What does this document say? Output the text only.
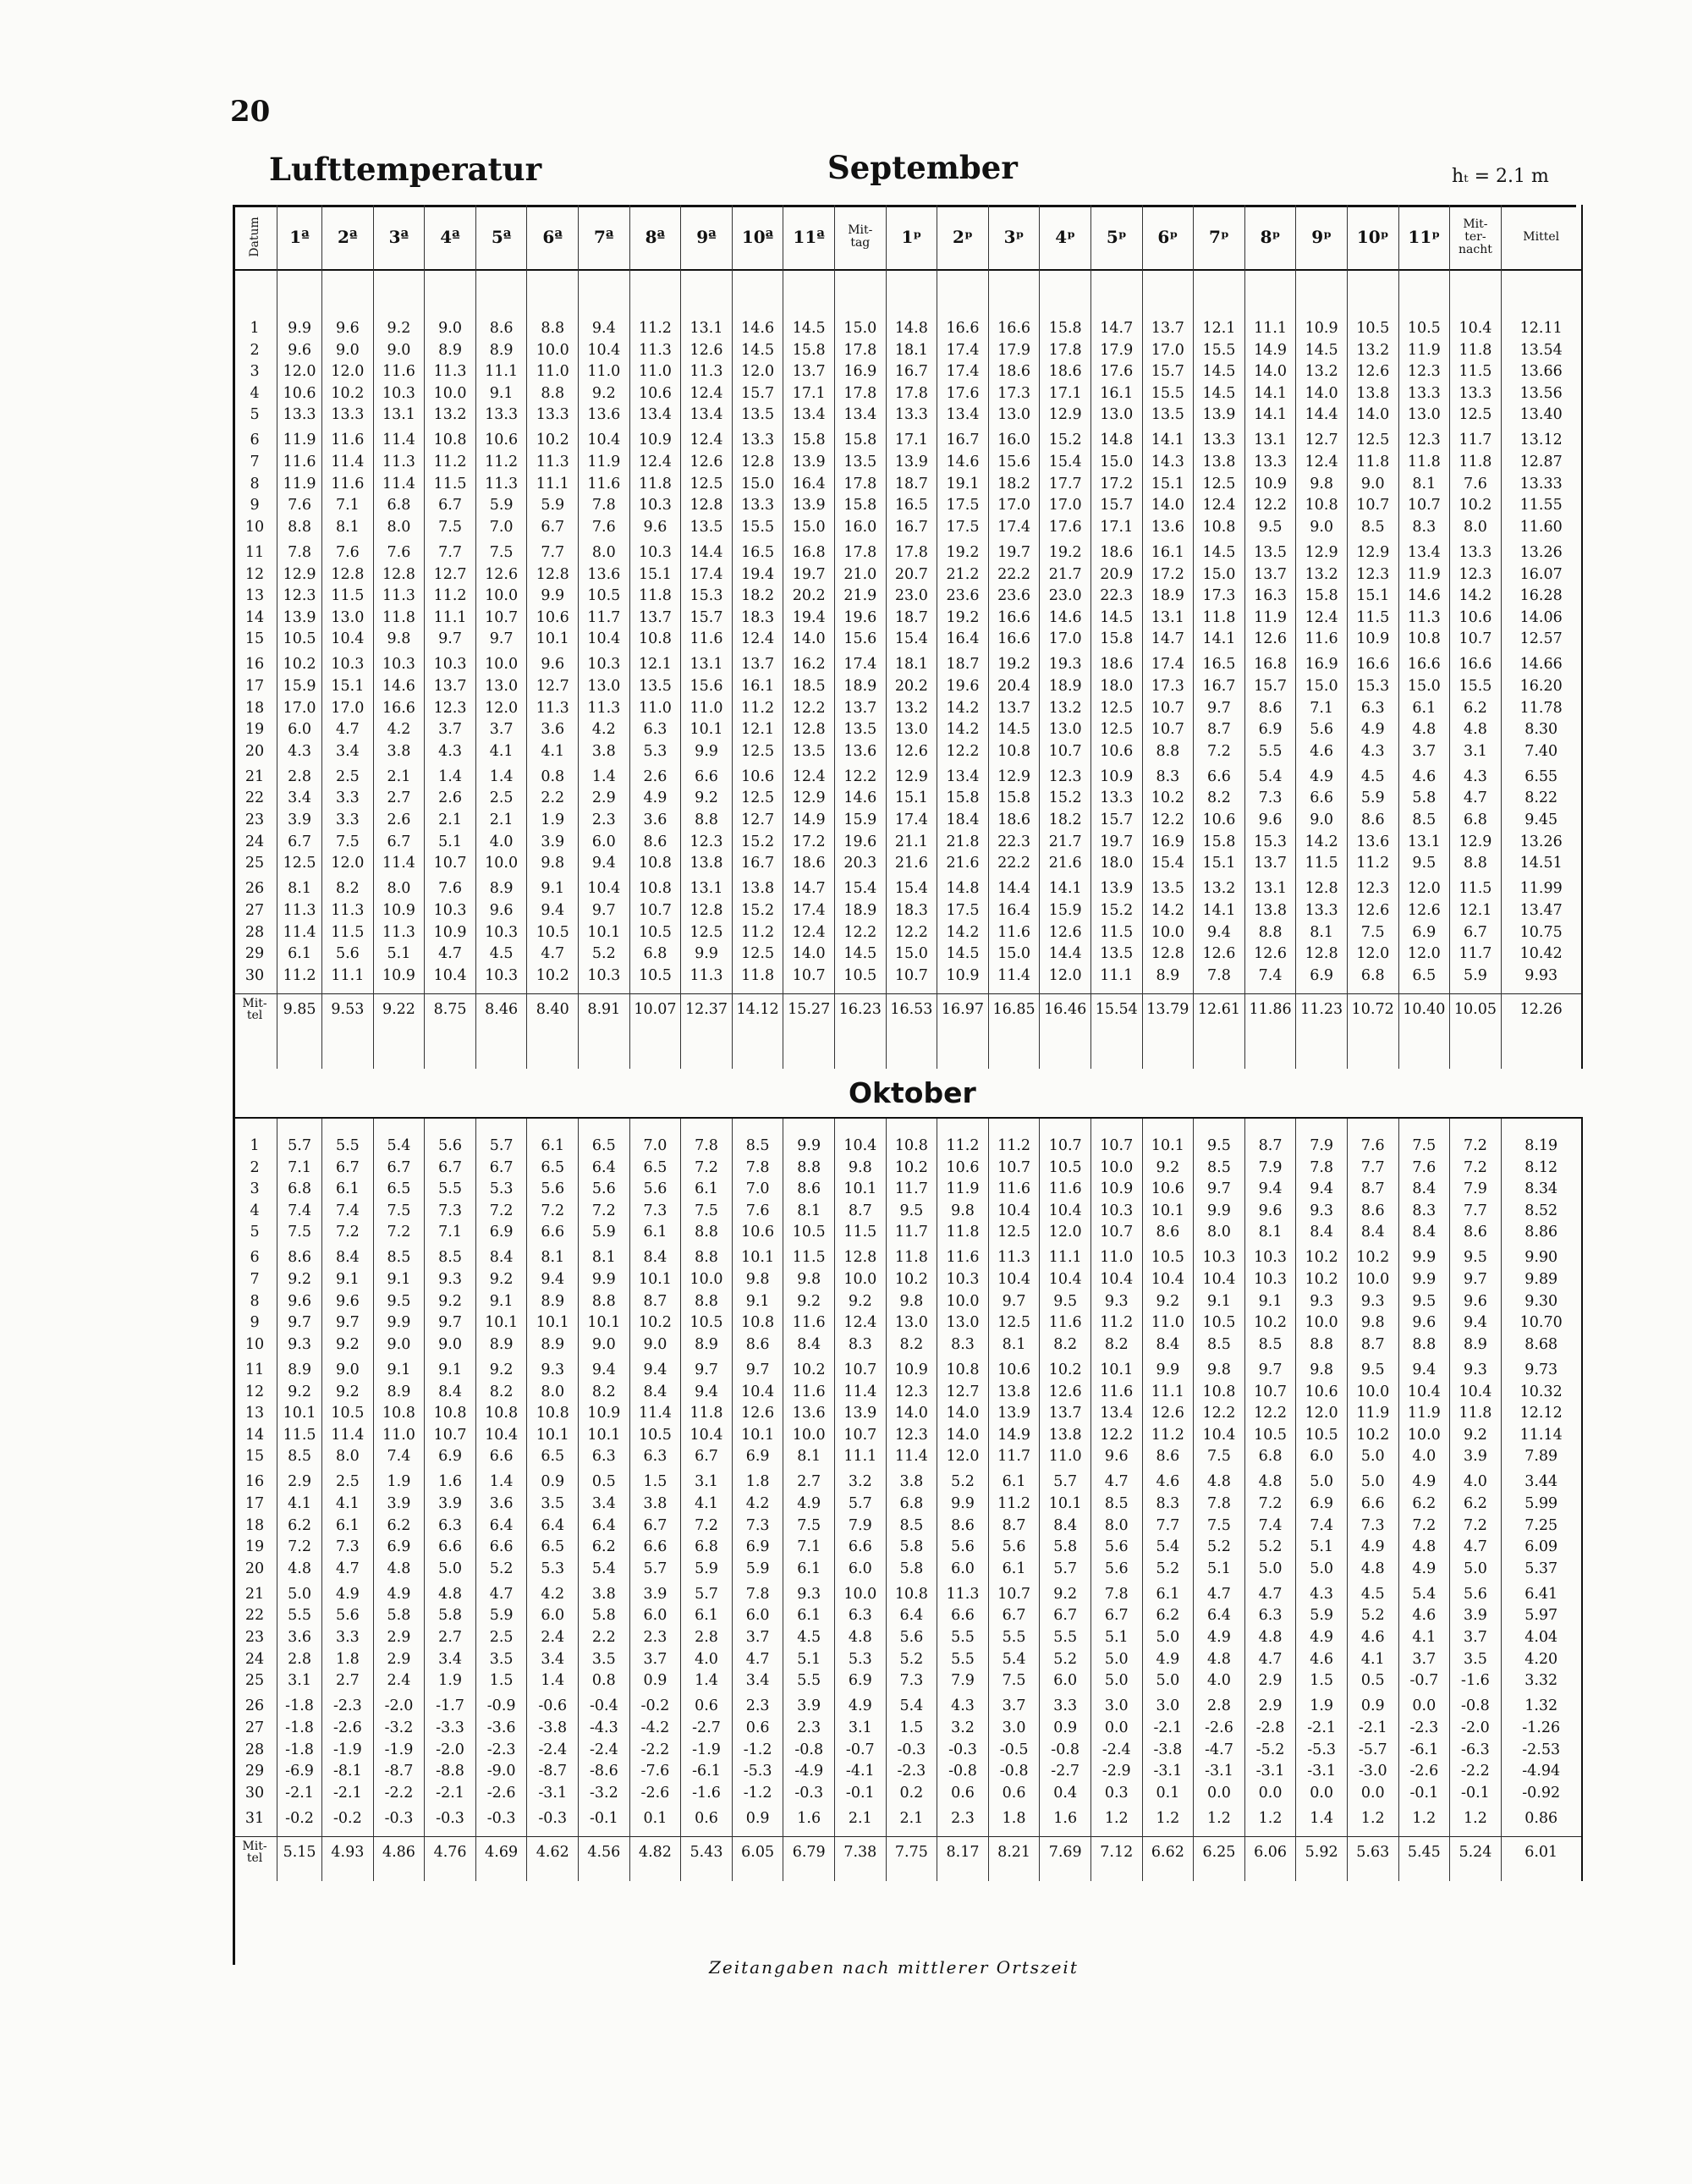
20
Lufttemperatur	September	hₜ = 2.1 m
Datum
1
2
3
4
5
6
7
8
9
10
11
12
13
14
15
16
17
18
19
20
21
22
23
24
25
26
27
28
29
30
Mit-
tel
1ª
9.9
9.6
12.0
10.6
13.3
11.9
11.6
11.9
7.6
8.8
7.8
12.9
12.3
13.9
10.5
10.2
15.9
17.0
6.0
4.3
2.8
3.4
3.9
6.7
12.5
8.1
11.3
11.4
6.1
11.2
9.85
2ª
9.6
9.0
12.0
10.2
13.3
11.6
11.4
11.6
7.1
8.1
7.6
12.8
11.5
13.0
10.4
10.3
15.1
17.0
4.7
3.4
2.5
3.3
3.3
7.5
12.0
8.2
11.3
11.5
5.6
11.1
9.53
3ª
9.2
9.0
11.6
10.3
13.1
11.4
11.3
11.4
6.8
8.0
7.6
12.8
11.3
11.8
9.8
10.3
14.6
16.6
4.2
3.8
2.1
2.7
2.6
6.7
11.4
8.0
10.9
11.3
5.1
10.9
9.22
4ª
9.0
8.9
11.3
10.0
13.2
10.8
11.2
11.5
6.7
7.5
7.7
12.7
11.2
11.1
9.7
10.3
13.7
12.3
3.7
4.3
1.4
2.6
2.1
5.1
10.7
7.6
10.3
10.9
4.7
10.4
8.75
5ª
8.6
8.9
11.1
9.1
13.3
10.6
11.2
11.3
5.9
7.0
7.5
12.6
10.0
10.7
9.7
10.0
13.0
12.0
3.7
4.1
1.4
2.5
2.1
4.0
10.0
8.9
9.6
10.3
4.5
10.3
8.46
6ª
8.8
10.0
11.0
8.8
13.3
10.2
11.3
11.1
5.9
6.7
7.7
12.8
9.9
10.6
10.1
9.6
12.7
11.3
3.6
4.1
0.8
2.2
1.9
3.9
9.8
9.1
9.4
10.5
4.7
10.2
8.40
7ª
9.4
10.4
11.0
9.2
13.6
10.4
11.9
11.6
7.8
7.6
8.0
13.6
10.5
11.7
10.4
10.3
13.0
11.3
4.2
3.8
1.4
2.9
2.3
6.0
9.4
10.4
9.7
10.1
5.2
10.3
8.91
8ª
11.2
11.3
11.0
10.6
13.4
10.9
12.4
11.8
10.3
9.6
10.3
15.1
11.8
13.7
10.8
12.1
13.5
11.0
6.3
5.3
2.6
4.9
3.6
8.6
10.8
10.8
10.7
10.5
6.8
10.5
10.07
9ª
13.1
12.6
11.3
12.4
13.4
12.4
12.6
12.5
12.8
13.5
14.4
17.4
15.3
15.7
11.6
13.1
15.6
11.0
10.1
9.9
6.6
9.2
8.8
12.3
13.8
13.1
12.8
12.5
9.9
11.3
12.37
10ª
14.6
14.5
12.0
15.7
13.5
13.3
12.8
15.0
13.3
15.5
16.5
19.4
18.2
18.3
12.4
13.7
16.1
11.2
12.1
12.5
10.6
12.5
12.7
15.2
16.7
13.8
15.2
11.2
12.5
11.8
14.12
11ª
14.5
15.8
13.7
17.1
13.4
15.8
13.9
16.4
13.9
15.0
16.8
19.7
20.2
19.4
14.0
16.2
18.5
12.2
12.8
13.5
12.4
12.9
14.9
17.2
18.6
14.7
17.4
12.4
14.0
10.7
15.27
Mit-
tag
15.0
17.8
16.9
17.8
13.4
15.8
13.5
17.8
15.8
16.0
17.8
21.0
21.9
19.6
15.6
17.4
18.9
13.7
13.5
13.6
12.2
14.6
15.9
19.6
20.3
15.4
18.9
12.2
14.5
10.5
16.23
1ᵖ
14.8
18.1
16.7
17.8
13.3
17.1
13.9
18.7
16.5
16.7
17.8
20.7
23.0
18.7
15.4
18.1
20.2
13.2
13.0
12.6
12.9
15.1
17.4
21.1
21.6
15.4
18.3
12.2
15.0
10.7
16.53
2ᵖ
16.6
17.4
17.4
17.6
13.4
16.7
14.6
19.1
17.5
17.5
19.2
21.2
23.6
19.2
16.4
18.7
19.6
14.2
14.2
12.2
13.4
15.8
18.4
21.8
21.6
14.8
17.5
14.2
14.5
10.9
16.97
3ᵖ
16.6
17.9
18.6
17.3
13.0
16.0
15.6
18.2
17.0
17.4
19.7
22.2
23.6
16.6
16.6
19.2
20.4
13.7
14.5
10.8
12.9
15.8
18.6
22.3
22.2
14.4
16.4
11.6
15.0
11.4
16.85
4ᵖ
15.8
17.8
18.6
17.1
12.9
15.2
15.4
17.7
17.0
17.6
19.2
21.7
23.0
14.6
17.0
19.3
18.9
13.2
13.0
10.7
12.3
15.2
18.2
21.7
21.6
14.1
15.9
12.6
14.4
12.0
16.46
5ᵖ
14.7
17.9
17.6
16.1
13.0
14.8
15.0
17.2
15.7
17.1
18.6
20.9
22.3
14.5
15.8
18.6
18.0
12.5
12.5
10.6
10.9
13.3
15.7
19.7
18.0
13.9
15.2
11.5
13.5
11.1
15.54
6ᵖ
13.7
17.0
15.7
15.5
13.5
14.1
14.3
15.1
14.0
13.6
16.1
17.2
18.9
13.1
14.7
17.4
17.3
10.7
10.7
8.8
8.3
10.2
12.2
16.9
15.4
13.5
14.2
10.0
12.8
8.9
13.79
7ᵖ
12.1
15.5
14.5
14.5
13.9
13.3
13.8
12.5
12.4
10.8
14.5
15.0
17.3
11.8
14.1
16.5
16.7
9.7
8.7
7.2
6.6
8.2
10.6
15.8
15.1
13.2
14.1
9.4
12.6
7.8
12.61
8ᵖ
11.1
14.9
14.0
14.1
14.1
13.1
13.3
10.9
12.2
9.5
13.5
13.7
16.3
11.9
12.6
16.8
15.7
8.6
6.9
5.5
5.4
7.3
9.6
15.3
13.7
13.1
13.8
8.8
12.6
7.4
11.86
9ᵖ
10.9
14.5
13.2
14.0
14.4
12.7
12.4
9.8
10.8
9.0
12.9
13.2
15.8
12.4
11.6
16.9
15.0
7.1
5.6
4.6
4.9
6.6
9.0
14.2
11.5
12.8
13.3
8.1
12.8
6.9
11.23
10ᵖ
10.5
13.2
12.6
13.8
14.0
12.5
11.8
9.0
10.7
8.5
12.9
12.3
15.1
11.5
10.9
16.6
15.3
6.3
4.9
4.3
4.5
5.9
8.6
13.6
11.2
12.3
12.6
7.5
12.0
6.8
10.72
11ᵖ
10.5
11.9
12.3
13.3
13.0
12.3
11.8
8.1
10.7
8.3
13.4
11.9
14.6
11.3
10.8
16.6
15.0
6.1
4.8
3.7
4.6
5.8
8.5
13.1
9.5
12.0
12.6
6.9
12.0
6.5
10.40
Mit-
ter-
nacht
10.4
11.8
11.5
13.3
12.5
11.7
11.8
7.6
10.2
8.0
13.3
12.3
14.2
10.6
10.7
16.6
15.5
6.2
4.8
3.1
4.3
4.7
6.8
12.9
8.8
11.5
12.1
6.7
11.7
5.9
10.05
Mittel
12.11
13.54
13.66
13.56
13.40
13.12
12.87
13.33
11.55
11.60
13.26
16.07
16.28
14.06
12.57
14.66
16.20
11.78
8.30
7.40
6.55
8.22
9.45
13.26
14.51
11.99
13.47
10.75
10.42
9.93
12.26
Oktober
1
2
3
4
5
6
7
8
9
10
11
12
13
14
15
16
17
18
19
20
21
22
23
24
25
26
27
28
29
30
31
Mit-
tel
5.7
7.1
6.8
7.4
7.5
8.6
9.2
9.6
9.7
9.3
8.9
9.2
10.1
11.5
8.5
2.9
4.1
6.2
7.2
4.8
5.0
5.5
3.6
2.8
3.1
-1.8
-1.8
-1.8
-6.9
-2.1
-0.2
5.15
5.5
6.7
6.1
7.4
7.2
8.4
9.1
9.6
9.7
9.2
9.0
9.2
10.5
11.4
8.0
2.5
4.1
6.1
7.3
4.7
4.9
5.6
3.3
1.8
2.7
-2.3
-2.6
-1.9
-8.1
-2.1
-0.2
4.93
5.4
6.7
6.5
7.5
7.2
8.5
9.1
9.5
9.9
9.0
9.1
8.9
10.8
11.0
7.4
1.9
3.9
6.2
6.9
4.8
4.9
5.8
2.9
2.9
2.4
-2.0
-3.2
-1.9
-8.7
-2.2
-0.3
4.86
5.6
6.7
5.5
7.3
7.1
8.5
9.3
9.2
9.7
9.0
9.1
8.4
10.8
10.7
6.9
1.6
3.9
6.3
6.6
5.0
4.8
5.8
2.7
3.4
1.9
-1.7
-3.3
-2.0
-8.8
-2.1
-0.3
4.76
5.7
6.7
5.3
7.2
6.9
8.4
9.2
9.1
10.1
8.9
9.2
8.2
10.8
10.4
6.6
1.4
3.6
6.4
6.6
5.2
4.7
5.9
2.5
3.5
1.5
-0.9
-3.6
-2.3
-9.0
-2.6
-0.3
4.69
6.1
6.5
5.6
7.2
6.6
8.1
9.4
8.9
10.1
8.9
9.3
8.0
10.8
10.1
6.5
0.9
3.5
6.4
6.5
5.3
4.2
6.0
2.4
3.4
1.4
-0.6
-3.8
-2.4
-8.7
-3.1
-0.3
4.62
6.5
6.4
5.6
7.2
5.9
8.1
9.9
8.8
10.1
9.0
9.4
8.2
10.9
10.1
6.3
0.5
3.4
6.4
6.2
5.4
3.8
5.8
2.2
3.5
0.8
-0.4
-4.3
-2.4
-8.6
-3.2
-0.1
4.56
7.0
6.5
5.6
7.3
6.1
8.4
10.1
8.7
10.2
9.0
9.4
8.4
11.4
10.5
6.3
1.5
3.8
6.7
6.6
5.7
3.9
6.0
2.3
3.7
0.9
-0.2
-4.2
-2.2
-7.6
-2.6
0.1
4.82
7.8
7.2
6.1
7.5
8.8
8.8
10.0
8.8
10.5
8.9
9.7
9.4
11.8
10.4
6.7
3.1
4.1
7.2
6.8
5.9
5.7
6.1
2.8
4.0
1.4
0.6
-2.7
-1.9
-6.1
-1.6
0.6
5.43
8.5
7.8
7.0
7.6
10.6
10.1
9.8
9.1
10.8
8.6
9.7
10.4
12.6
10.1
6.9
1.8
4.2
7.3
6.9
5.9
7.8
6.0
3.7
4.7
3.4
2.3
0.6
-1.2
-5.3
-1.2
0.9
6.05
9.9
8.8
8.6
8.1
10.5
11.5
9.8
9.2
11.6
8.4
10.2
11.6
13.6
10.0
8.1
2.7
4.9
7.5
7.1
6.1
9.3
6.1
4.5
5.1
5.5
3.9
2.3
-0.8
-4.9
-0.3
1.6
6.79
10.4
9.8
10.1
8.7
11.5
12.8
10.0
9.2
12.4
8.3
10.7
11.4
13.9
10.7
11.1
3.2
5.7
7.9
6.6
6.0
10.0
6.3
4.8
5.3
6.9
4.9
3.1
-0.7
-4.1
-0.1
2.1
7.38
10.8
10.2
11.7
9.5
11.7
11.8
10.2
9.8
13.0
8.2
10.9
12.3
14.0
12.3
11.4
3.8
6.8
8.5
5.8
5.8
10.8
6.4
5.6
5.2
7.3
5.4
1.5
-0.3
-2.3
0.2
2.1
7.75
11.2
10.6
11.9
9.8
11.8
11.6
10.3
10.0
13.0
8.3
10.8
12.7
14.0
14.0
12.0
5.2
9.9
8.6
5.6
6.0
11.3
6.6
5.5
5.5
7.9
4.3
3.2
-0.3
-0.8
0.6
2.3
8.17
11.2
10.7
11.6
10.4
12.5
11.3
10.4
9.7
12.5
8.1
10.6
13.8
13.9
14.9
11.7
6.1
11.2
8.7
5.6
6.1
10.7
6.7
5.5
5.4
7.5
3.7
3.0
-0.5
-0.8
0.6
1.8
8.21
10.7
10.5
11.6
10.4
12.0
11.1
10.4
9.5
11.6
8.2
10.2
12.6
13.7
13.8
11.0
5.7
10.1
8.4
5.8
5.7
9.2
6.7
5.5
5.2
6.0
3.3
0.9
-0.8
-2.7
0.4
1.6
7.69
10.7
10.0
10.9
10.3
10.7
11.0
10.4
9.3
11.2
8.2
10.1
11.6
13.4
12.2
9.6
4.7
8.5
8.0
5.6
5.6
7.8
6.7
5.1
5.0
5.0
3.0
0.0
-2.4
-2.9
0.3
1.2
7.12
10.1
9.2
10.6
10.1
8.6
10.5
10.4
9.2
11.0
8.4
9.9
11.1
12.6
11.2
8.6
4.6
8.3
7.7
5.4
5.2
6.1
6.2
5.0
4.9
5.0
3.0
-2.1
-3.8
-3.1
0.1
1.2
6.62
9.5
8.5
9.7
9.9
8.0
10.3
10.4
9.1
10.5
8.5
9.8
10.8
12.2
10.4
7.5
4.8
7.8
7.5
5.2
5.1
4.7
6.4
4.9
4.8
4.0
2.8
-2.6
-4.7
-3.1
0.0
1.2
6.25
8.7
7.9
9.4
9.6
8.1
10.3
10.3
9.1
10.2
8.5
9.7
10.7
12.2
10.5
6.8
4.8
7.2
7.4
5.2
5.0
4.7
6.3
4.8
4.7
2.9
2.9
-2.8
-5.2
-3.1
0.0
1.2
6.06
7.9
7.8
9.4
9.3
8.4
10.2
10.2
9.3
10.0
8.8
9.8
10.6
12.0
10.5
6.0
5.0
6.9
7.4
5.1
5.0
4.3
5.9
4.9
4.6
1.5
1.9
-2.1
-5.3
-3.1
0.0
1.4
5.92
7.6
7.7
8.7
8.6
8.4
10.2
10.0
9.3
9.8
8.7
9.5
10.0
11.9
10.2
5.0
5.0
6.6
7.3
4.9
4.8
4.5
5.2
4.6
4.1
0.5
0.9
-2.1
-5.7
-3.0
0.0
1.2
5.63
7.5
7.6
8.4
8.3
8.4
9.9
9.9
9.5
9.6
8.8
9.4
10.4
11.9
10.0
4.0
4.9
6.2
7.2
4.8
4.9
5.4
4.6
4.1
3.7
-0.7
0.0
-2.3
-6.1
-2.6
-0.1
1.2
5.45
7.2
7.2
7.9
7.7
8.6
9.5
9.7
9.6
9.4
8.9
9.3
10.4
11.8
9.2
3.9
4.0
6.2
7.2
4.7
5.0
5.6
3.9
3.7
3.5
-1.6
-0.8
-2.0
-6.3
-2.2
-0.1
1.2
5.24
8.19
8.12
8.34
8.52
8.86
9.90
9.89
9.30
10.70
8.68
9.73
10.32
12.12
11.14
7.89
3.44
5.99
7.25
6.09
5.37
6.41
5.97
4.04
4.20
3.32
1.32
-1.26
-2.53
-4.94
-0.92
0.86
6.01
Zeitangaben nach mittlerer Ortszeit
